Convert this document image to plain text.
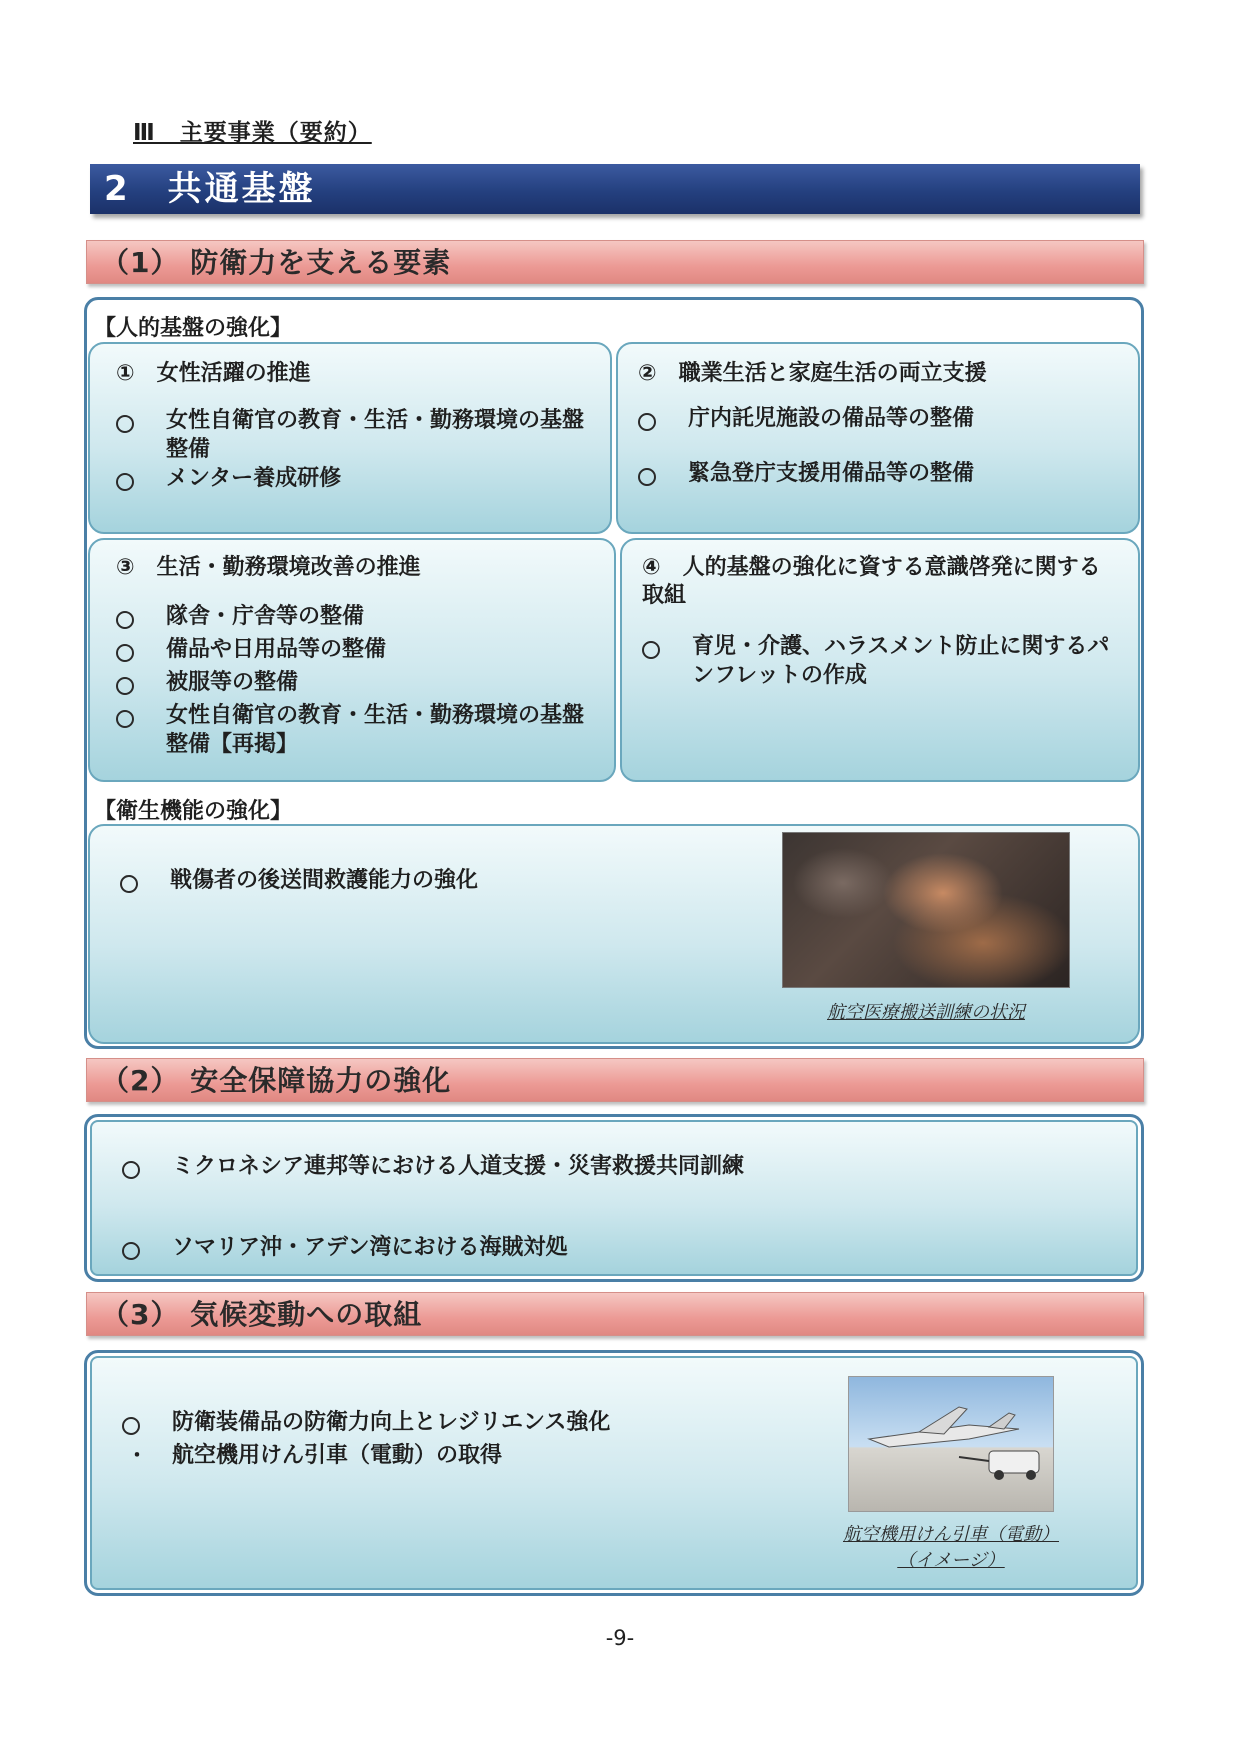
Ⅲ　主要事業（要約）
2　共通基盤
（1） 防衛力を支える要素
【人的基盤の強化】
①　女性活躍の推進
女性自衛官の教育・生活・勤務環境の基盤整備
メンター養成研修
②　職業生活と家庭生活の両立支援
庁内託児施設の備品等の整備
緊急登庁支援用備品等の整備
③　生活・勤務環境改善の推進
隊舎・庁舎等の整備
備品や日用品等の整備
被服等の整備
女性自衛官の教育・生活・勤務環境の基盤整備【再掲】
④　人的基盤の強化に資する意識啓発に関する取組
育児・介護、ハラスメント防止に関するパンフレットの作成
【衛生機能の強化】
戦傷者の後送間救護能力の強化
航空医療搬送訓練の状況
（2） 安全保障協力の強化
ミクロネシア連邦等における人道支援・災害救援共同訓練
ソマリア沖・アデン湾における海賊対処
（3） 気候変動への取組
防衛装備品の防衛力向上とレジリエンス強化
・	航空機用けん引車（電動）の取得
航空機用けん引車（電動）
（イメージ）
-9-
